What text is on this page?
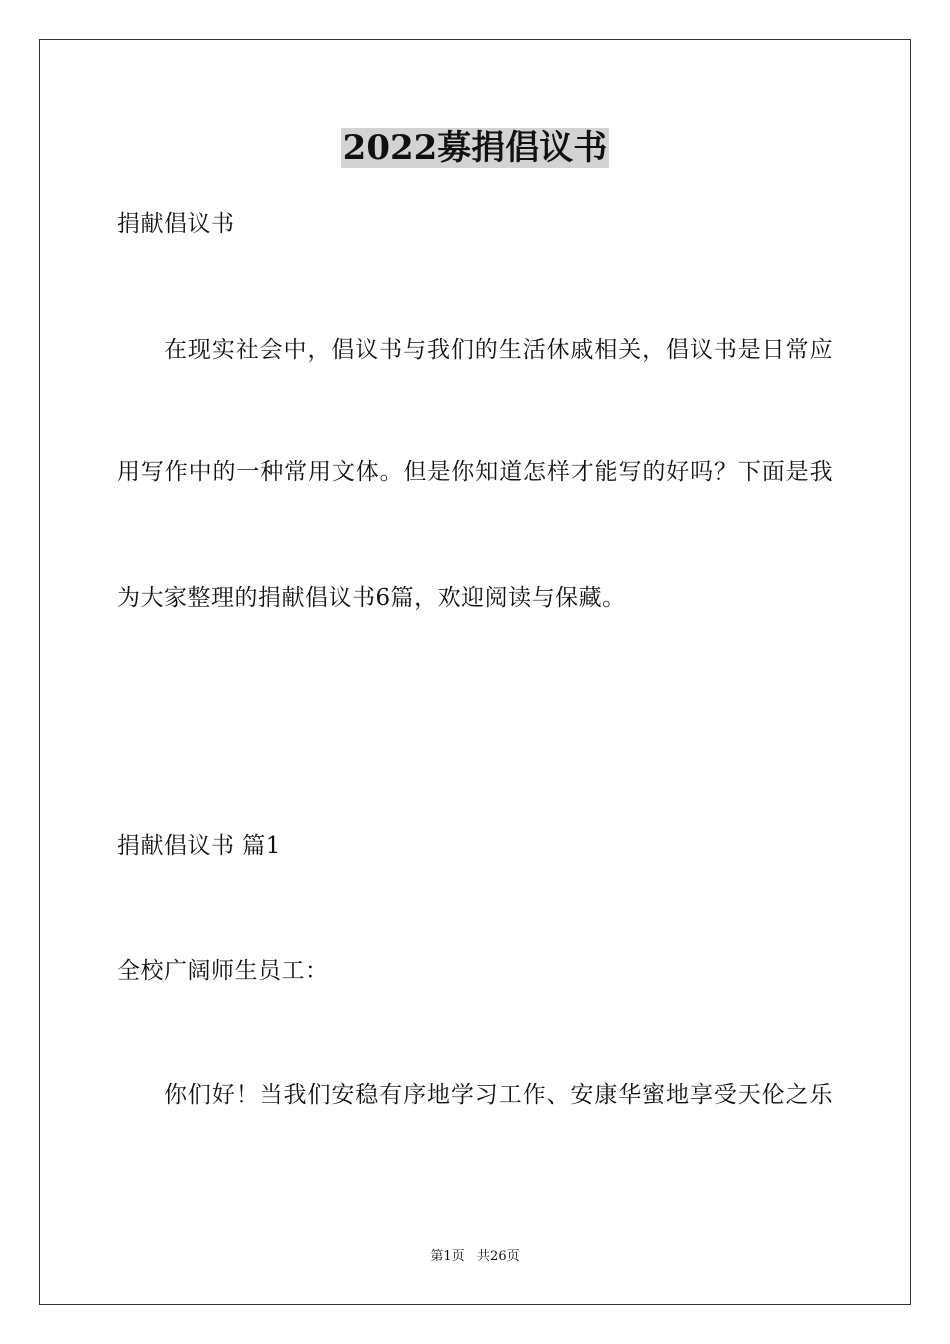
2022募捐倡议书
捐献倡议书
在现实社会中，倡议书与我们的生活休戚相关，倡议书是日常应
用写作中的一种常用文体。但是你知道怎样才能写的好吗？下面是我
为大家整理的捐献倡议书6篇，欢迎阅读与保藏。
捐献倡议书 篇1
全校广阔师生员工：
你们好！当我们安稳有序地学习工作、安康华蜜地享受天伦之乐
第1页   共26页
